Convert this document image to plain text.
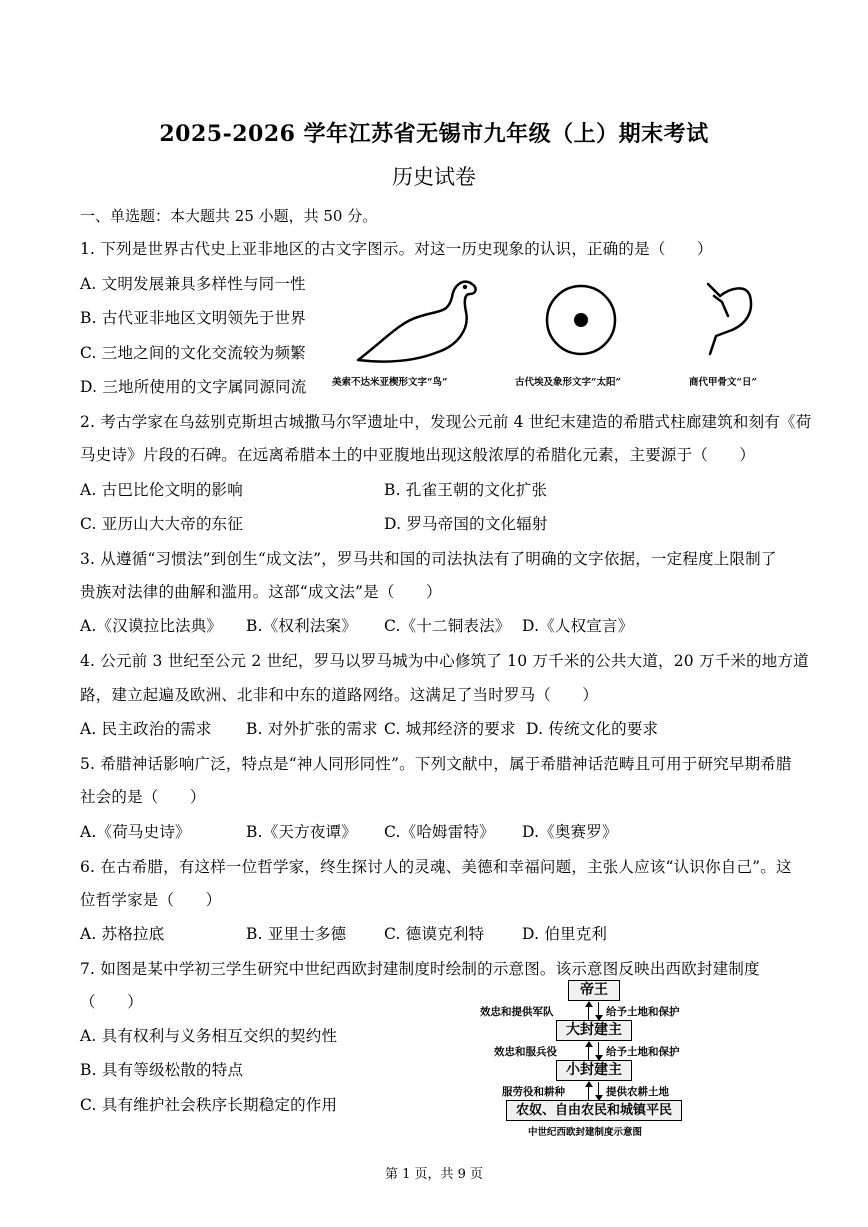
2025-2026 学年江苏省无锡市九年级（上）期末考试
历史试卷
一、单选题：本大题共 25 小题，共 50 分。
1. 下列是世界古代史上亚非地区的古文字图示。对这一历史现象的认识，正确的是（　　）
A. 文明发展兼具多样性与同一性
B. 古代亚非地区文明领先于世界
C. 三地之间的文化交流较为频繁
D. 三地所使用的文字属同源同流	美索不达米亚楔形文字“鸟”	古代埃及象形文字“太阳”	商代甲骨文“日”
2. 考古学家在乌兹别克斯坦古城撒马尔罕遗址中，发现公元前 4 世纪末建造的希腊式柱廊建筑和刻有《荷
马史诗》片段的石碑。在远离希腊本土的中亚腹地出现这般浓厚的希腊化元素，主要源于（　　）
A. 古巴比伦文明的影响	B. 孔雀王朝的文化扩张
C. 亚历山大大帝的东征	D. 罗马帝国的文化辐射
3. 从遵循“习惯法”到创生“成文法”，罗马共和国的司法执法有了明确的文字依据，一定程度上限制了
贵族对法律的曲解和滥用。这部“成文法”是（　　）
A.《汉谟拉比法典》 B.《权利法案》 C.《十二铜表法》 D.《人权宣言》
4. 公元前 3 世纪至公元 2 世纪，罗马以罗马城为中心修筑了 10 万千米的公共大道，20 万千米的地方道
路，建立起遍及欧洲、北非和中东的道路网络。这满足了当时罗马（　　）
A. 民主政治的需求 B. 对外扩张的需求 C. 城邦经济的要求 D. 传统文化的要求
5. 希腊神话影响广泛，特点是“神人同形同性”。下列文献中，属于希腊神话范畴且可用于研究早期希腊
社会的是（　　）
A.《荷马史诗》	B.《天方夜谭》 C.《哈姆雷特》 D.《奥赛罗》
6. 在古希腊，有这样一位哲学家，终生探讨人的灵魂、美德和幸福问题，主张人应该“认识你自己”。这
位哲学家是（　　）
A. 苏格拉底	B. 亚里士多德 C. 德谟克利特 D. 伯里克利
7. 如图是某中学初三学生研究中世纪西欧封建制度时绘制的示意图。该示意图反映出西欧封建制度
（　　）
A. 具有权利与义务相互交织的契约性
B. 具有等级松散的特点
C. 具有维护社会秩序长期稳定的作用
帝王
效忠和提供军队	给予土地和保护
大封建主
效忠和服兵役	给予土地和保护
小封建主
服劳役和耕种	提供农耕土地
农奴、自由农民和城镇平民
中世纪西欧封建制度示意图
第 1 页，共 9 页
